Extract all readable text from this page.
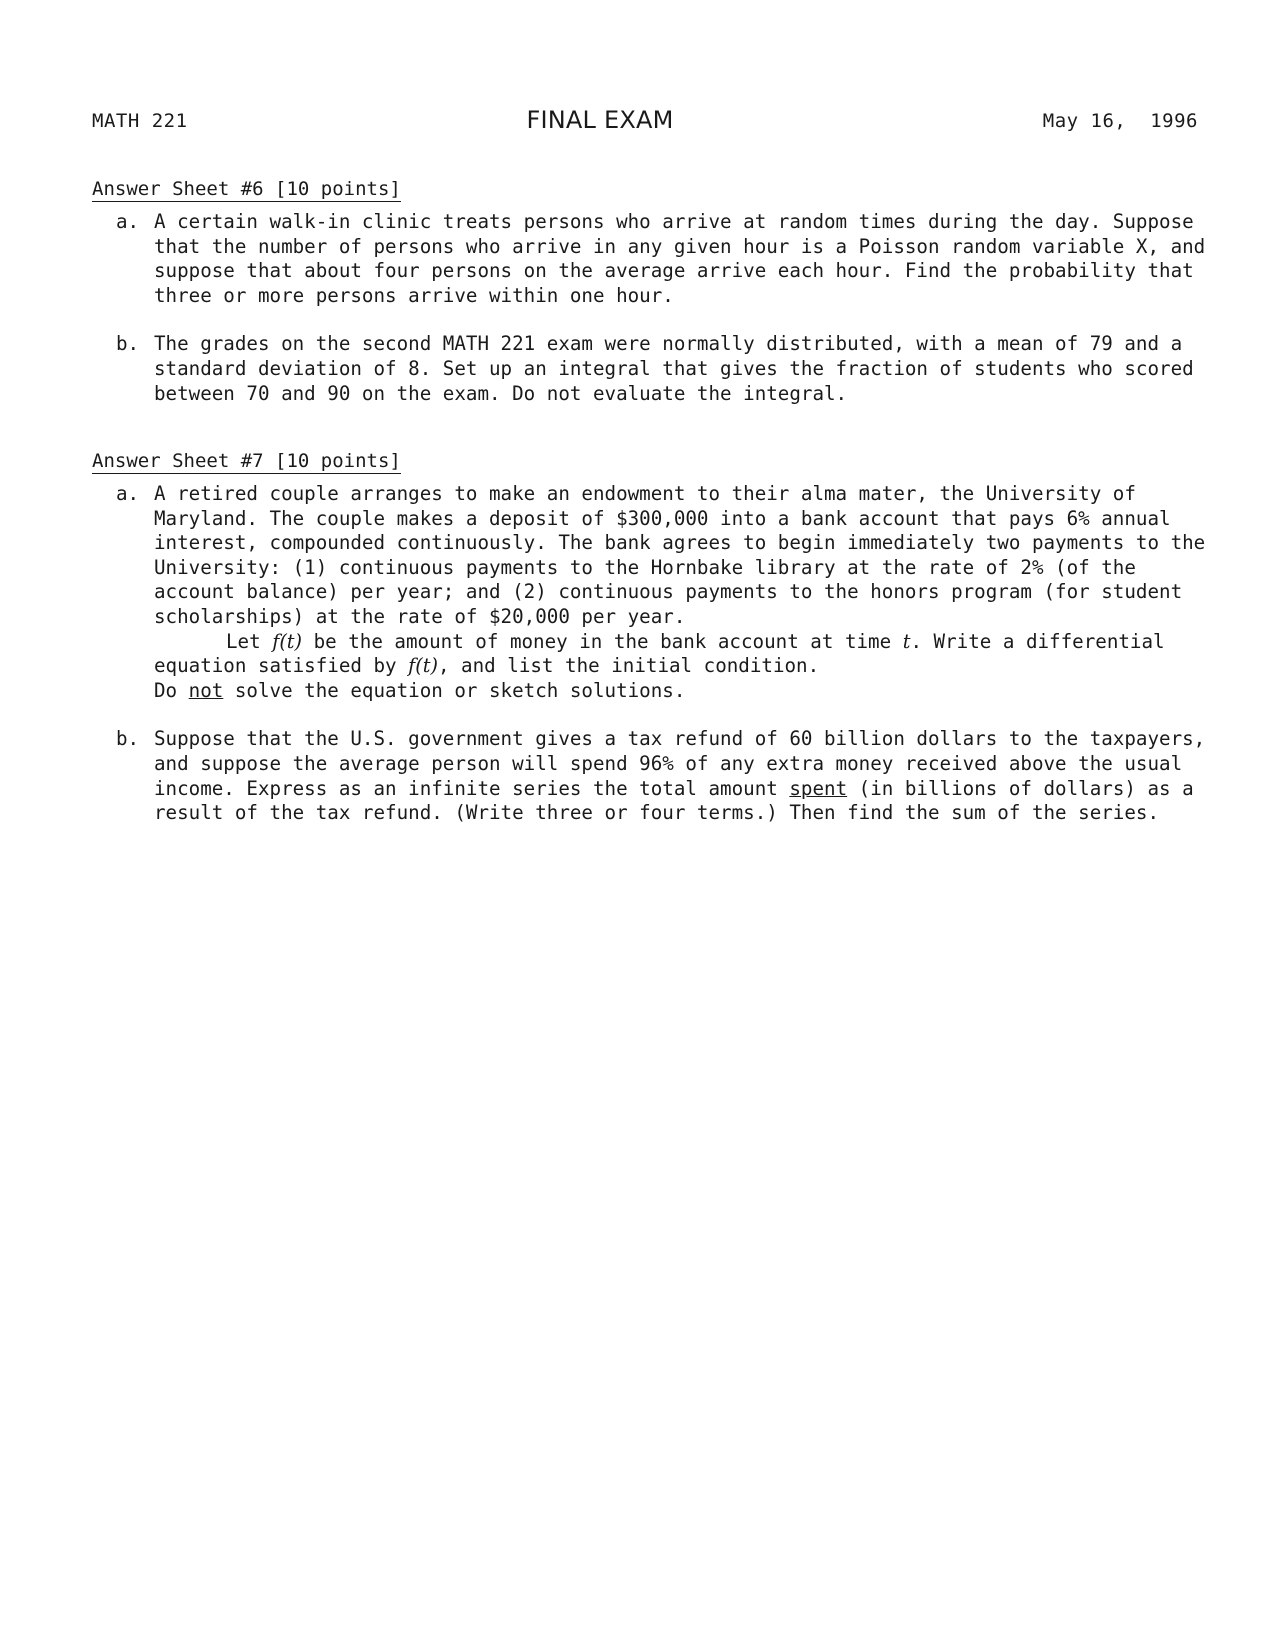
MATH 221	FINAL EXAM	May 16,  1996
Answer Sheet #6 [10 points]
a. A certain walk-in clinic treats persons who arrive at random times during the day. Suppose that the number of persons who arrive in any given hour is a Poisson random variable X, and suppose that about four persons on the average arrive each hour. Find the probability that three or more persons arrive within one hour.

b. The grades on the second MATH 221 exam were normally distributed, with a mean of 79 and a standard deviation of 8. Set up an integral that gives the fraction of students who scored between 70 and 90 on the exam. Do not evaluate the integral.

Answer Sheet #7 [10 points]
a. A retired couple arranges to make an endowment to their alma mater, the University of Maryland. The couple makes a deposit of $300,000 into a bank account that pays 6% annual interest, compounded continuously. The bank agrees to begin immediately two payments to the University: (1) continuous payments to the Hornbake library at the rate of 2% (of the account balance) per year; and (2) continuous payments to the honors program (for student scholarships) at the rate of $20,000 per year.

Let f(t) be the amount of money in the bank account at time t. Write a differential equation satisfied by f(t), and list the initial condition.

Do not solve the equation or sketch solutions.

b. Suppose that the U.S. government gives a tax refund of 60 billion dollars to the taxpayers, and suppose the average person will spend 96% of any extra money received above the usual income. Express as an infinite series the total amount spent (in billions of dollars) as a result of the tax refund. (Write three or four terms.) Then find the sum of the series.
